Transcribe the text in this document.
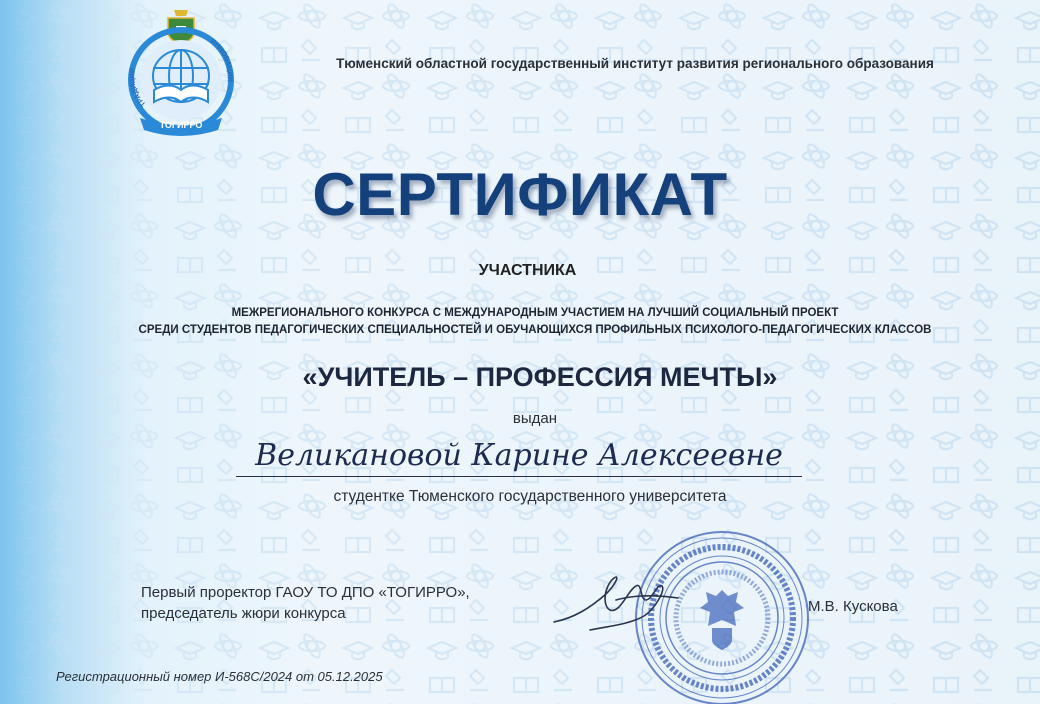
ТРАДИЦИИ
ИННОВАЦИИ
ТОГИРРО
Тюменский областной государственный институт развития регионального образования
СЕРТИФИКАТ
УЧАСТНИКА
МЕЖРЕГИОНАЛЬНОГО КОНКУРСА С МЕЖДУНАРОДНЫМ УЧАСТИЕМ НА ЛУЧШИЙ СОЦИАЛЬНЫЙ ПРОЕКТ
СРЕДИ СТУДЕНТОВ ПЕДАГОГИЧЕСКИХ СПЕЦИАЛЬНОСТЕЙ И ОБУЧАЮЩИХСЯ ПРОФИЛЬНЫХ ПСИХОЛОГО-ПЕДАГОГИЧЕСКИХ КЛАССОВ
«УЧИТЕЛЬ – ПРОФЕССИЯ МЕЧТЫ»
выдан
Великановой Карине Алексеевне
студентке Тюменского государственного университета
Первый проректор ГАОУ ТО ДПО «ТОГИРРО»,
председатель жюри конкурса	М.В. Кускова
Регистрационный номер И-568С/2024 от 05.12.2025
